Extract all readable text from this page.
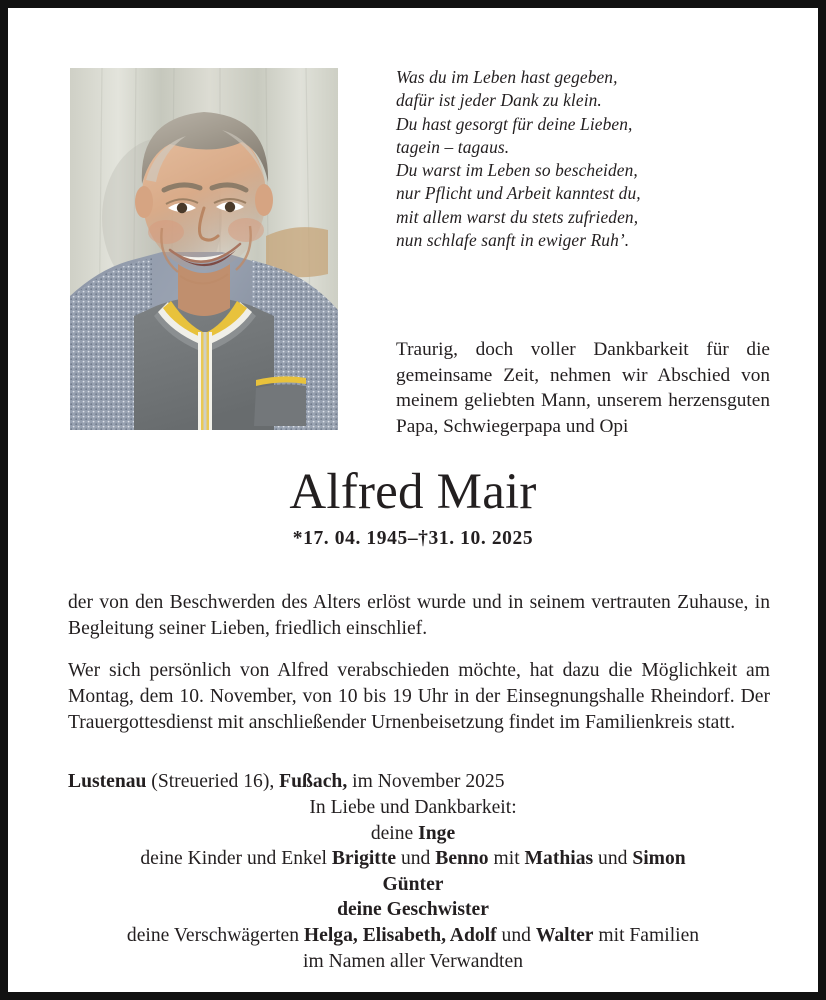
Was du im Leben hast gegeben,
dafür ist jeder Dank zu klein.
Du hast gesorgt für deine Lieben,
tagein – tagaus.
Du warst im Leben so bescheiden,
nur Pflicht und Arbeit kanntest du,
mit allem warst du stets zufrieden,
nun schlafe sanft in ewiger Ruh’.

Traurig, doch voller Dankbarkeit für die gemeinsame Zeit, nehmen wir Abschied von meinem geliebten Mann, unserem herzensguten Papa, Schwiegerpapa und Opi

Alfred Mair
*17. 04. 1945–†31. 10. 2025

der von den Beschwerden des Alters erlöst wurde und in seinem vertrauten Zuhause, in Begleitung seiner Lieben, friedlich einschlief.

Wer sich persönlich von Alfred verabschieden möchte, hat dazu die Möglichkeit am Montag, dem 10. November, von 10 bis 19 Uhr in der Einsegnungshalle Rheindorf. Der Trauergottesdienst mit anschließender Urnenbeisetzung findet im Familienkreis statt.

Lustenau (Streueried 16), Fußach, im November 2025

In Liebe und Dankbarkeit:
deine Inge
deine Kinder und Enkel Brigitte und Benno mit Mathias und Simon
Günter
deine Geschwister
deine Verschwägerten Helga, Elisabeth, Adolf und Walter mit Familien
im Namen aller Verwandten
